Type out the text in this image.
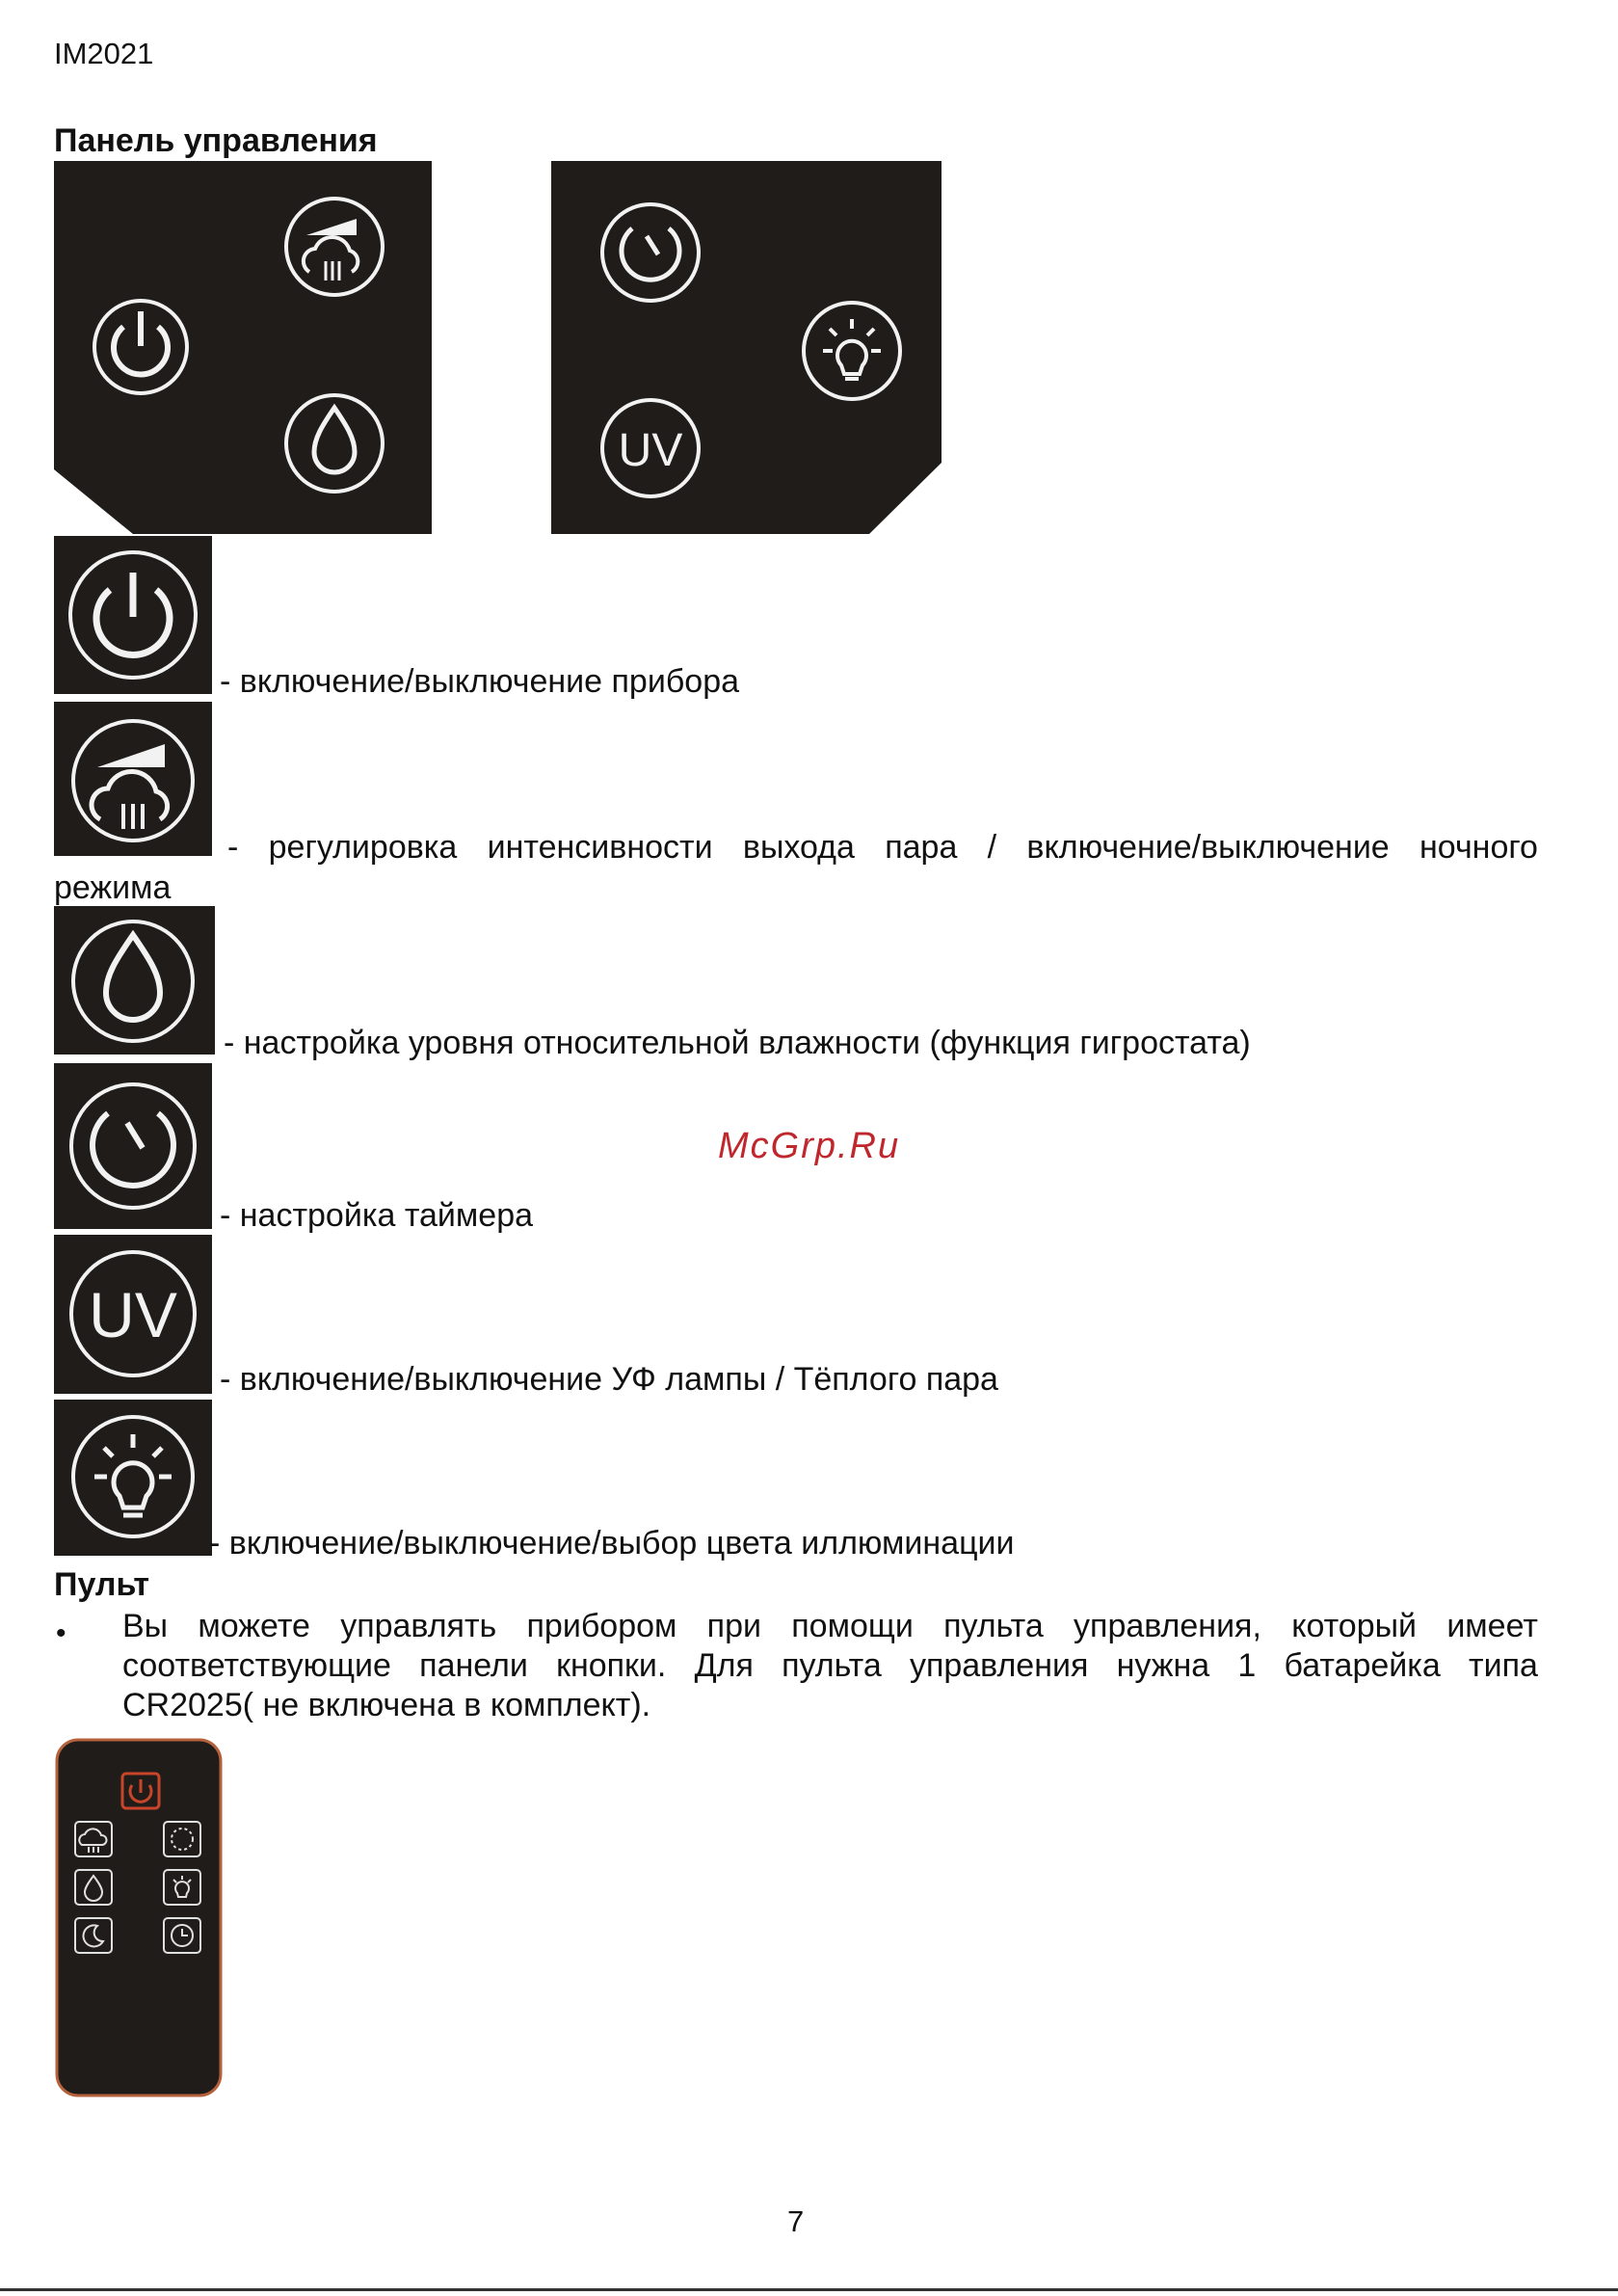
IM2021
Панель управления
UV
- включение/выключение прибора
- регулировка интенсивности выхода пара / включение/выключение ночного
режима
- настройка уровня относительной влажности (функция гигростата)
- настройка таймера
UV
- включение/выключение УФ лампы / Тёплого пара
- включение/выключение/выбор цвета иллюминации
McGrp.Ru
Пульт
• Вы можете управлять прибором при помощи пульта управления, который имеет
соответствующие панели кнопки. Для пульта управления нужна 1 батарейка типа
CR2025( не включена в комплект).
7
